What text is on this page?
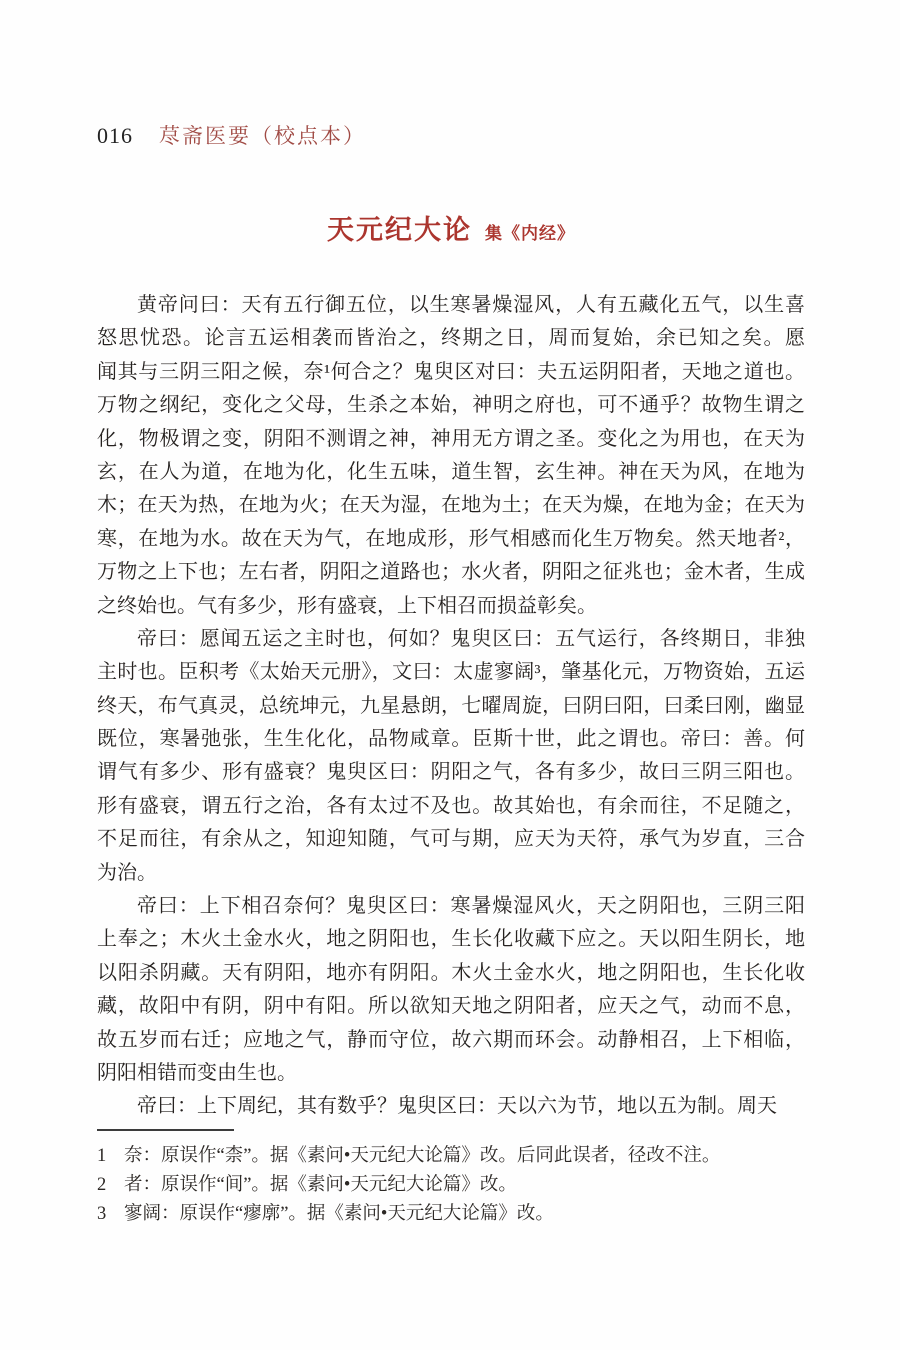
016 荩斋医要（校点本）
天元纪大论 集《内经》
黄帝问曰：天有五行御五位，以生寒暑燥湿风，人有五藏化五气，以生喜
怒思忧恐。论言五运相袭而皆治之，终期之日，周而复始，余已知之矣。愿
闻其与三阴三阳之候，奈¹何合之？鬼臾区对曰：夫五运阴阳者，天地之道也。
万物之纲纪，变化之父母，生杀之本始，神明之府也，可不通乎？故物生谓之
化，物极谓之变，阴阳不测谓之神，神用无方谓之圣。变化之为用也，在天为
玄，在人为道，在地为化，化生五味，道生智，玄生神。神在天为风，在地为
木；在天为热，在地为火；在天为湿，在地为土；在天为燥，在地为金；在天为
寒，在地为水。故在天为气，在地成形，形气相感而化生万物矣。然天地者²，
万物之上下也；左右者，阴阳之道路也；水火者，阴阳之征兆也；金木者，生成
之终始也。气有多少，形有盛衰，上下相召而损益彰矣。
帝曰：愿闻五运之主时也，何如？鬼臾区曰：五气运行，各终期日，非独
主时也。臣积考《太始天元册》，文曰：太虚寥阔³，肇基化元，万物资始，五运
终天，布气真灵，总统坤元，九星悬朗，七曜周旋，曰阴曰阳，曰柔曰刚，幽显
既位，寒暑弛张，生生化化，品物咸章。臣斯十世，此之谓也。帝曰：善。何
谓气有多少、形有盛衰？鬼臾区曰：阴阳之气，各有多少，故曰三阴三阳也。
形有盛衰，谓五行之治，各有太过不及也。故其始也，有余而往，不足随之，
不足而往，有余从之，知迎知随，气可与期，应天为天符，承气为岁直，三合
为治。
帝曰：上下相召奈何？鬼臾区曰：寒暑燥湿风火，天之阴阳也，三阴三阳
上奉之；木火土金水火，地之阴阳也，生长化收藏下应之。天以阳生阴长，地
以阳杀阴藏。天有阴阳，地亦有阴阳。木火土金水火，地之阴阳也，生长化收
藏，故阳中有阴，阴中有阳。所以欲知天地之阴阳者，应天之气，动而不息，
故五岁而右迁；应地之气，静而守位，故六期而环会。动静相召，上下相临，
阴阳相错而变由生也。
帝曰：上下周纪，其有数乎？鬼臾区曰：天以六为节，地以五为制。周天
1 奈：原误作“柰”。据《素问•天元纪大论篇》改。后同此误者，径改不注。
2 者：原误作“间”。据《素问•天元纪大论篇》改。
3 寥阔：原误作“瘳廓”。据《素问•天元纪大论篇》改。
